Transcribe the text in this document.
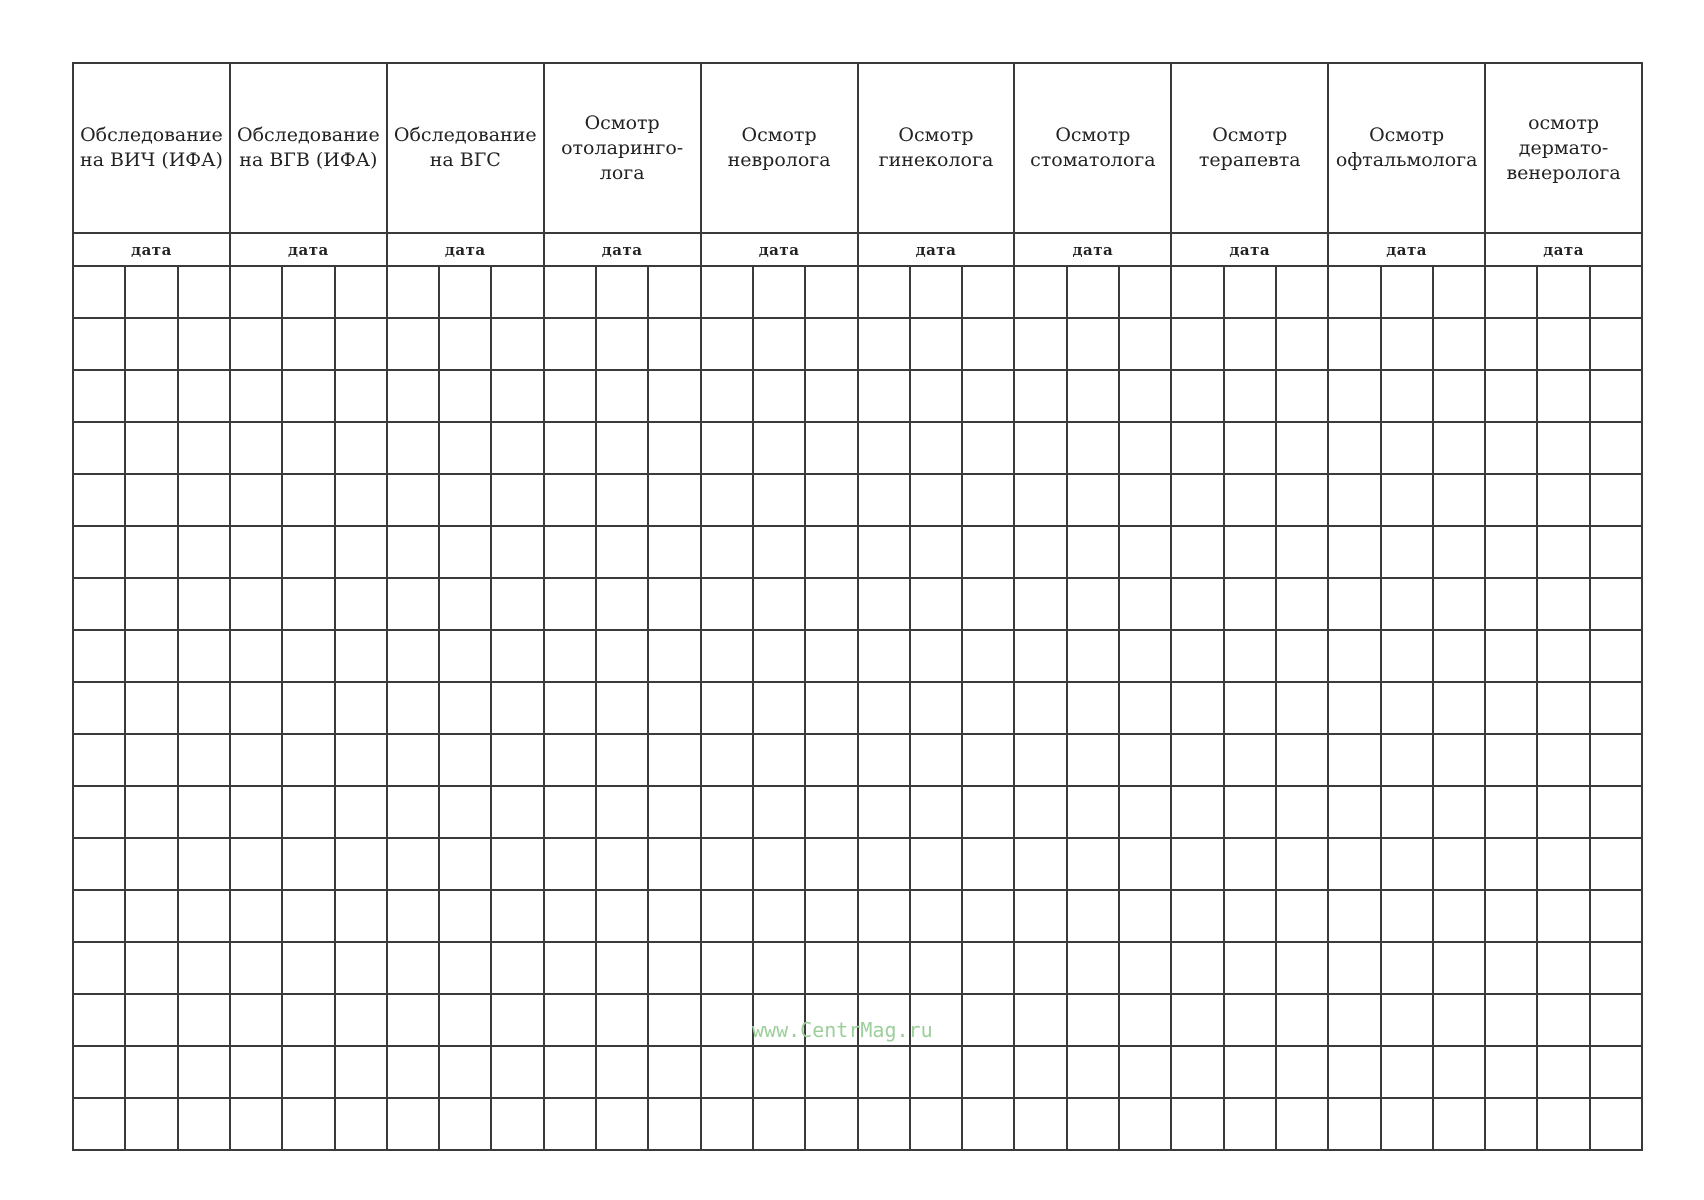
Обследование на ВИЧ (ИФА)			Обследование на ВГВ (ИФА)			Обследование на ВГС			Осмотр отоларинго-лога			Осмотр невролога			Осмотр гинеколога			Осмотр стоматолога			Осмотр терапевта			Осмотр офтальмолога			осмотр дермато-венеролога		
дата			дата			дата			дата			дата			дата			дата			дата			дата			дата		

www.CentrMag.ru
